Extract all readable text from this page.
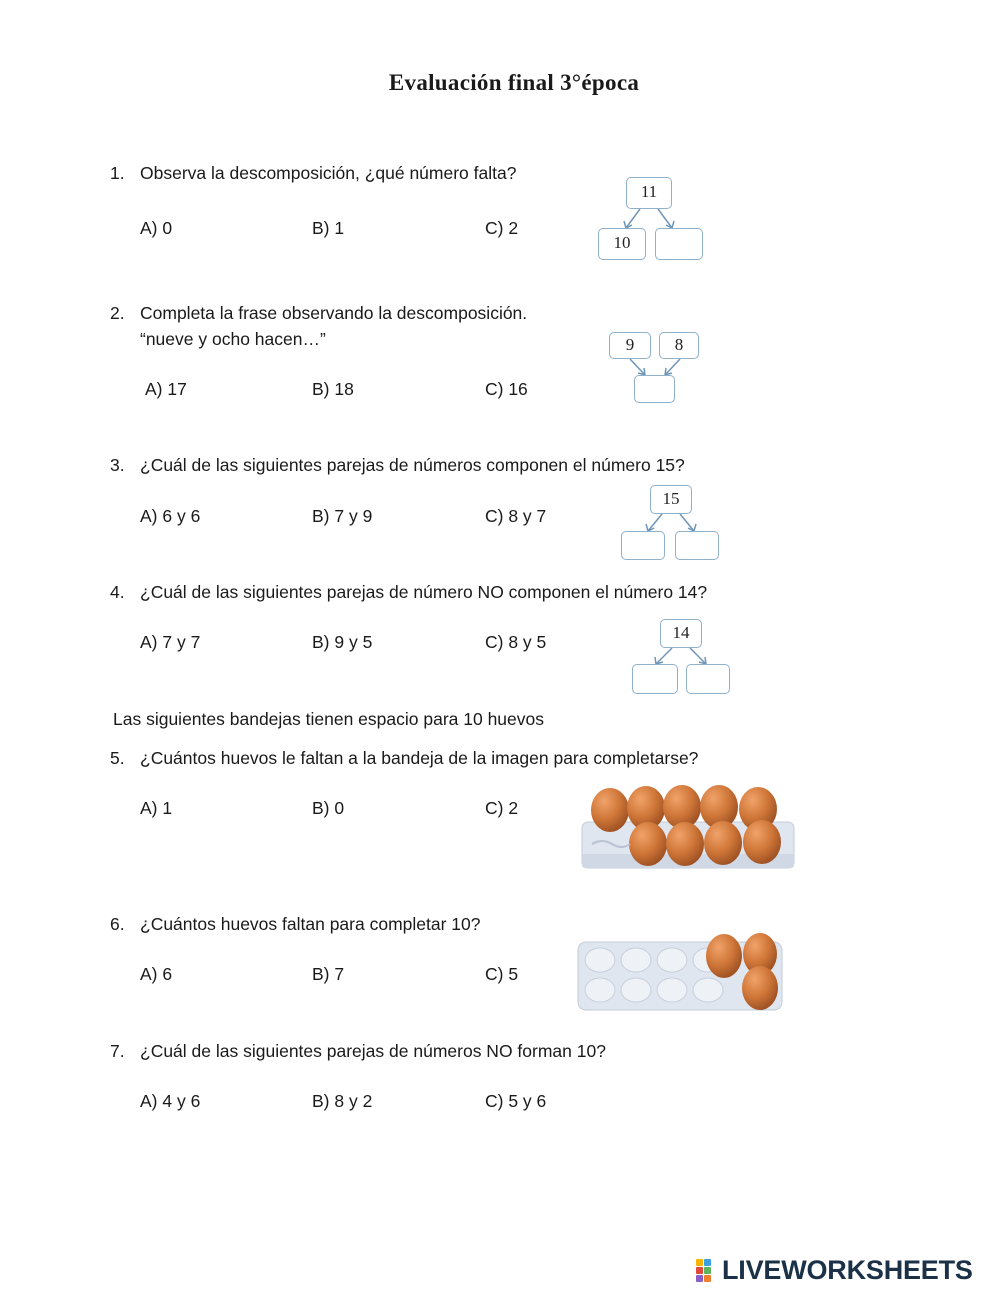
Evaluación final 3°época
1. Observa la descomposición, ¿qué número falta?
A) 0	B) 1	C) 2
11
10
2. Completa la frase observando la descomposición.
“nueve y ocho hacen…”
A) 17	B) 18	C) 16
9	8
3. ¿Cuál de las siguientes parejas de números componen el número 15?
A) 6 y 6	B) 7 y 9	C) 8 y 7
15
4. ¿Cuál de las siguientes parejas de número NO componen el número 14?
A) 7 y 7	B) 9 y 5	C) 8 y 5	14
Las siguientes bandejas tienen espacio para 10 huevos
5. ¿Cuántos huevos le faltan a la bandeja de la imagen para completarse?
A) 1	B) 0	C) 2
6. ¿Cuántos huevos faltan para completar 10?
A) 6	B) 7	C) 5
7. ¿Cuál de las siguientes parejas de números NO forman 10?
A) 4 y 6	B) 8 y 2	C) 5 y 6
LIVEWORKSHEETS
